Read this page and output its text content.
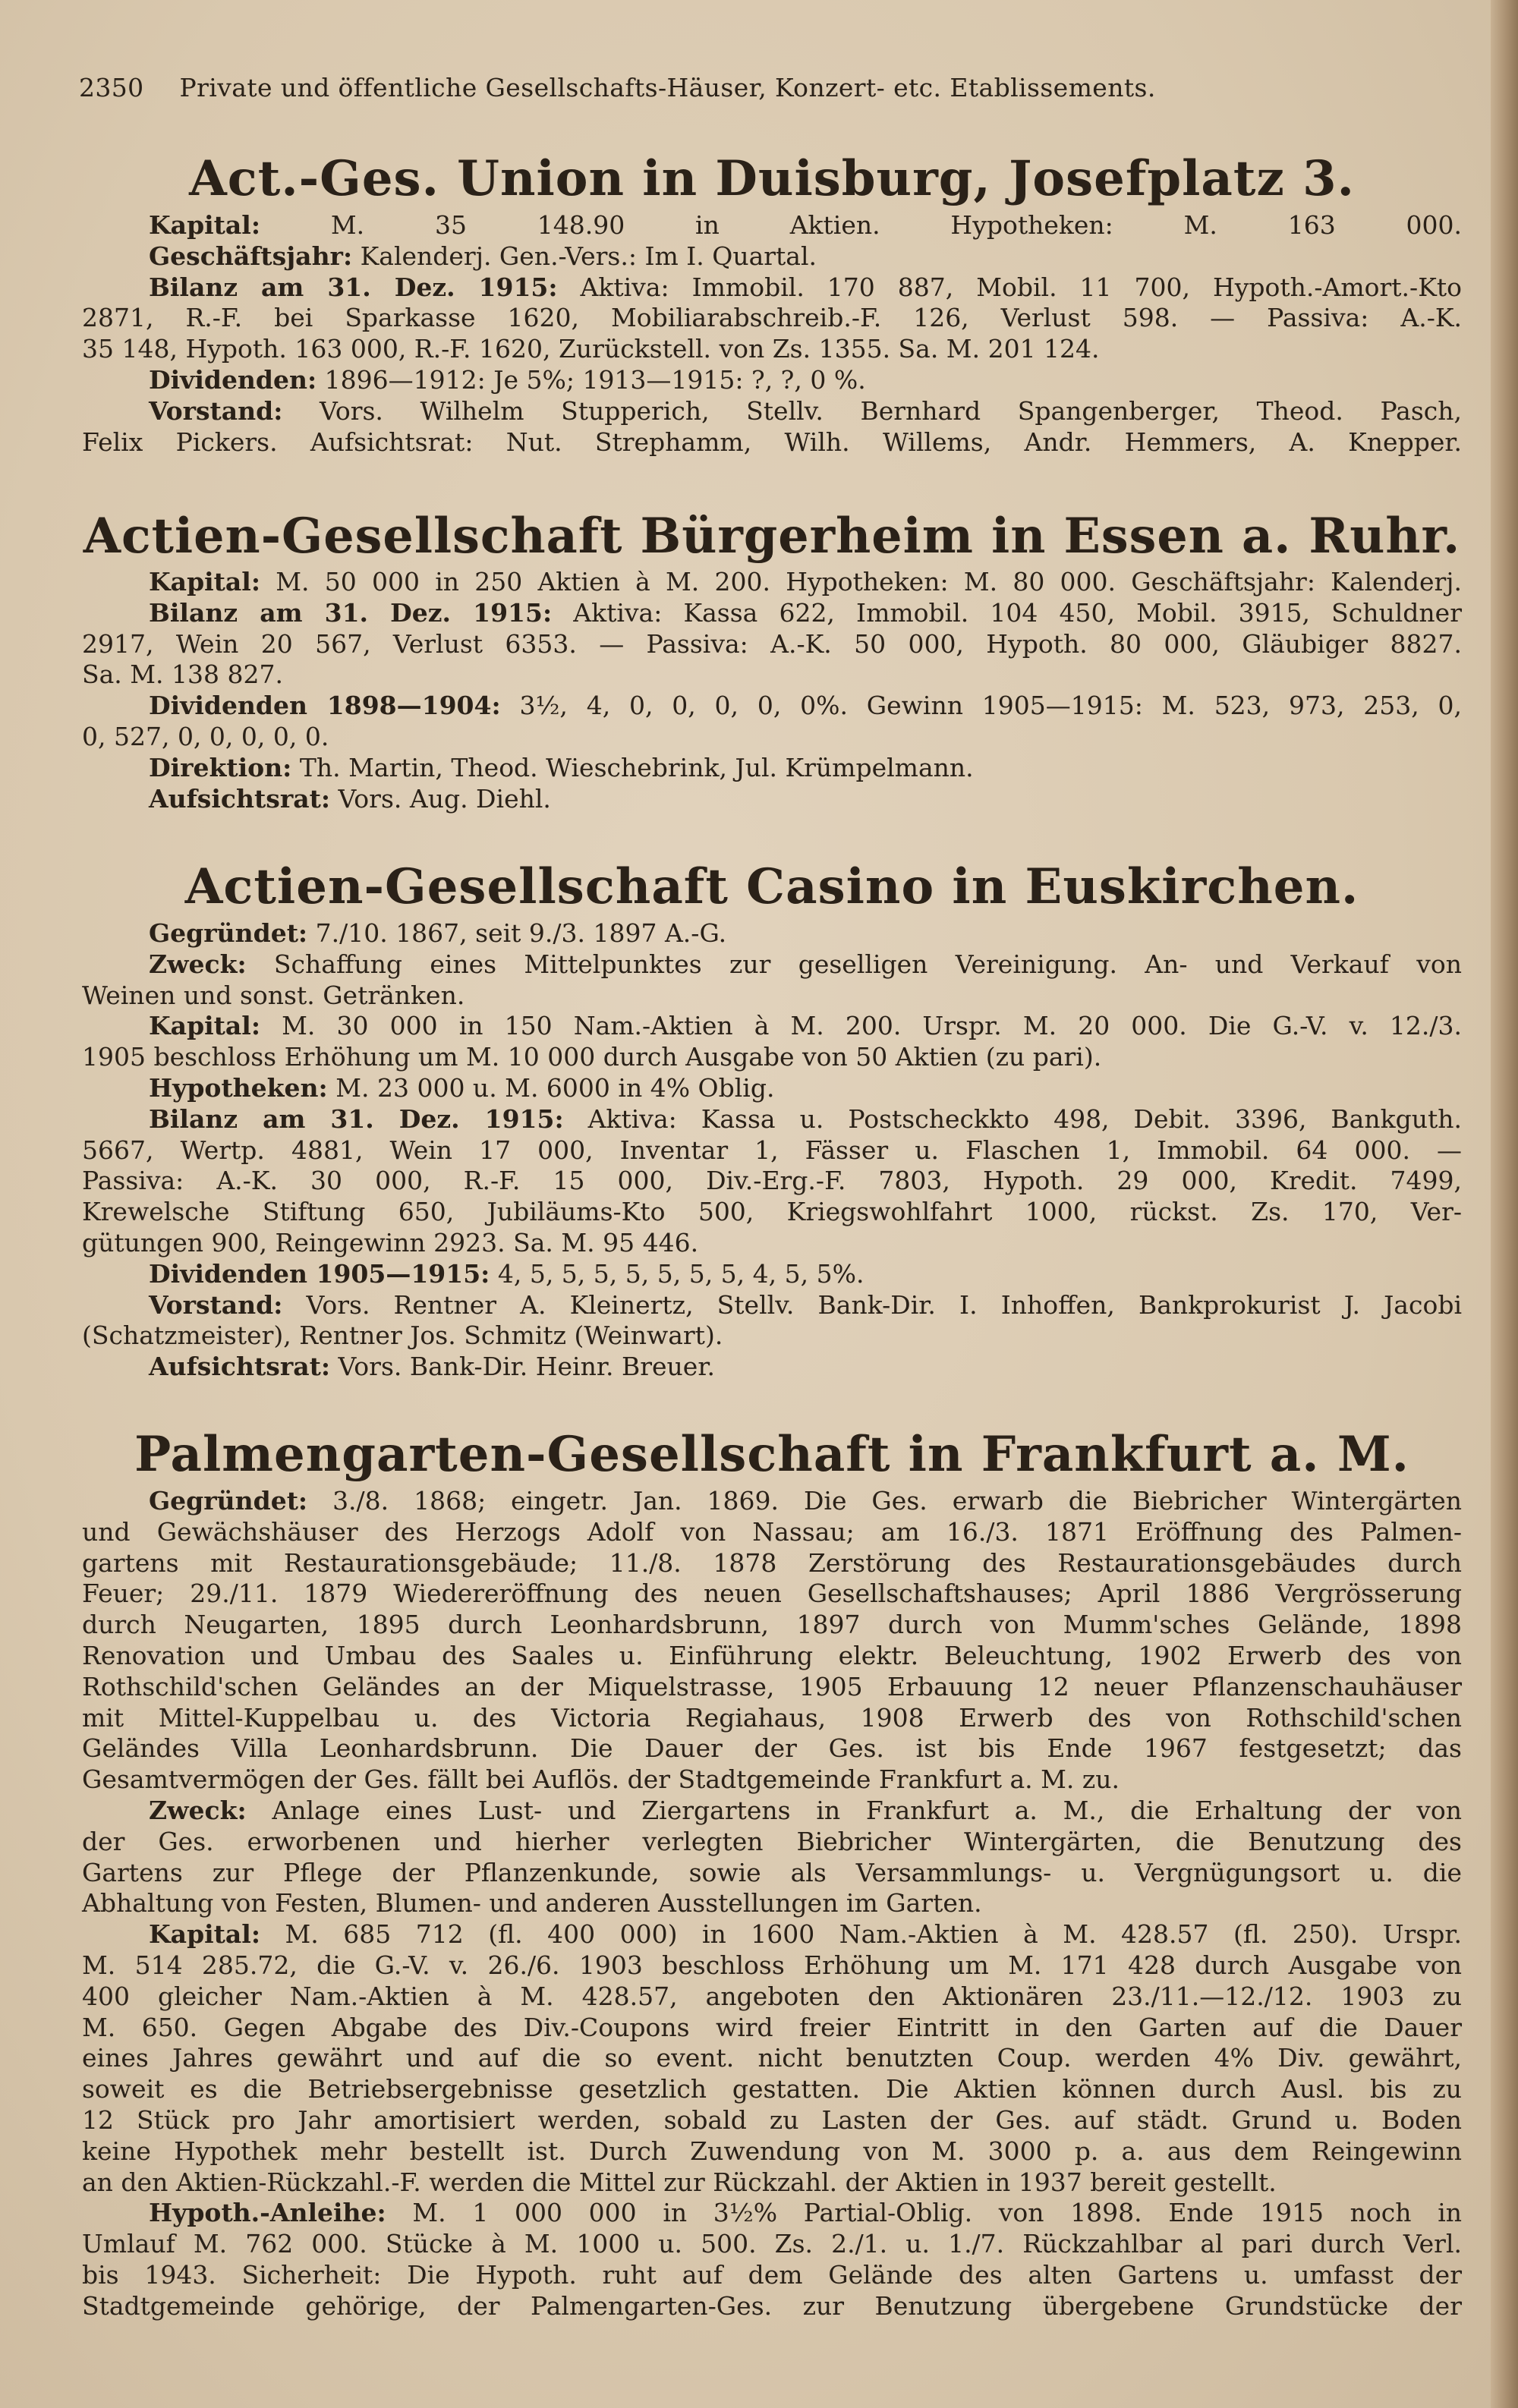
2350 Private und öffentliche Gesellschafts-Häuser, Konzert- etc. Etablissements.
Act.-Ges. Union in Duisburg, Josefplatz 3.
Kapital: M. 35 148.90 in Aktien. Hypotheken: M. 163 000.
Geschäftsjahr: Kalenderj. Gen.-Vers.: Im I. Quartal.
Bilanz am 31. Dez. 1915: Aktiva: Immobil. 170 887, Mobil. 11 700, Hypoth.-Amort.-Kto
2871, R.-F. bei Sparkasse 1620, Mobiliarabschreib.-F. 126, Verlust 598. — Passiva: A.-K.
35 148, Hypoth. 163 000, R.-F. 1620, Zurückstell. von Zs. 1355. Sa. M. 201 124.
Dividenden: 1896—1912: Je 5%; 1913—1915: ?, ?, 0 %.
Vorstand: Vors. Wilhelm Stupperich, Stellv. Bernhard Spangenberger, Theod. Pasch,
Felix Pickers. Aufsichtsrat: Nut. Strephamm, Wilh. Willems, Andr. Hemmers, A. Knepper.
Actien-Gesellschaft Bürgerheim in Essen a. Ruhr.
Kapital: M. 50 000 in 250 Aktien à M. 200. Hypotheken: M. 80 000. Geschäftsjahr: Kalenderj.
Bilanz am 31. Dez. 1915: Aktiva: Kassa 622, Immobil. 104 450, Mobil. 3915, Schuldner
2917, Wein 20 567, Verlust 6353. — Passiva: A.-K. 50 000, Hypoth. 80 000, Gläubiger 8827.
Sa. M. 138 827.
Dividenden 1898—1904: 3½, 4, 0, 0, 0, 0, 0%. Gewinn 1905—1915: M. 523, 973, 253, 0,
0, 527, 0, 0, 0, 0, 0.
Direktion: Th. Martin, Theod. Wieschebrink, Jul. Krümpelmann.
Aufsichtsrat: Vors. Aug. Diehl.
Actien-Gesellschaft Casino in Euskirchen.
Gegründet: 7./10. 1867, seit 9./3. 1897 A.-G.
Zweck: Schaffung eines Mittelpunktes zur geselligen Vereinigung. An- und Verkauf von
Weinen und sonst. Getränken.
Kapital: M. 30 000 in 150 Nam.-Aktien à M. 200. Urspr. M. 20 000. Die G.-V. v. 12./3.
1905 beschloss Erhöhung um M. 10 000 durch Ausgabe von 50 Aktien (zu pari).
Hypotheken: M. 23 000 u. M. 6000 in 4% Oblig.
Bilanz am 31. Dez. 1915: Aktiva: Kassa u. Postscheckkto 498, Debit. 3396, Bankguth.
5667, Wertp. 4881, Wein 17 000, Inventar 1, Fässer u. Flaschen 1, Immobil. 64 000. —
Passiva: A.-K. 30 000, R.-F. 15 000, Div.-Erg.-F. 7803, Hypoth. 29 000, Kredit. 7499,
Krewelsche Stiftung 650, Jubiläums-Kto 500, Kriegswohlfahrt 1000, rückst. Zs. 170, Ver-
gütungen 900, Reingewinn 2923. Sa. M. 95 446.
Dividenden 1905—1915: 4, 5, 5, 5, 5, 5, 5, 5, 4, 5, 5%.
Vorstand: Vors. Rentner A. Kleinertz, Stellv. Bank-Dir. I. Inhoffen, Bankprokurist J. Jacobi
(Schatzmeister), Rentner Jos. Schmitz (Weinwart).
Aufsichtsrat: Vors. Bank-Dir. Heinr. Breuer.
Palmengarten-Gesellschaft in Frankfurt a. M.
Gegründet: 3./8. 1868; eingetr. Jan. 1869. Die Ges. erwarb die Biebricher Wintergärten
und Gewächshäuser des Herzogs Adolf von Nassau; am 16./3. 1871 Eröffnung des Palmen-
gartens mit Restaurationsgebäude; 11./8. 1878 Zerstörung des Restaurationsgebäudes durch
Feuer; 29./11. 1879 Wiedereröffnung des neuen Gesellschaftshauses; April 1886 Vergrösserung
durch Neugarten, 1895 durch Leonhardsbrunn, 1897 durch von Mumm'sches Gelände, 1898
Renovation und Umbau des Saales u. Einführung elektr. Beleuchtung, 1902 Erwerb des von
Rothschild'schen Geländes an der Miquelstrasse, 1905 Erbauung 12 neuer Pflanzenschauhäuser
mit Mittel-Kuppelbau u. des Victoria Regiahaus, 1908 Erwerb des von Rothschild'schen
Geländes Villa Leonhardsbrunn. Die Dauer der Ges. ist bis Ende 1967 festgesetzt; das
Gesamtvermögen der Ges. fällt bei Auflös. der Stadtgemeinde Frankfurt a. M. zu.
Zweck: Anlage eines Lust- und Ziergartens in Frankfurt a. M., die Erhaltung der von
der Ges. erworbenen und hierher verlegten Biebricher Wintergärten, die Benutzung des
Gartens zur Pflege der Pflanzenkunde, sowie als Versammlungs- u. Vergnügungsort u. die
Abhaltung von Festen, Blumen- und anderen Ausstellungen im Garten.
Kapital: M. 685 712 (fl. 400 000) in 1600 Nam.-Aktien à M. 428.57 (fl. 250). Urspr.
M. 514 285.72, die G.-V. v. 26./6. 1903 beschloss Erhöhung um M. 171 428 durch Ausgabe von
400 gleicher Nam.-Aktien à M. 428.57, angeboten den Aktionären 23./11.—12./12. 1903 zu
M. 650. Gegen Abgabe des Div.-Coupons wird freier Eintritt in den Garten auf die Dauer
eines Jahres gewährt und auf die so event. nicht benutzten Coup. werden 4% Div. gewährt,
soweit es die Betriebsergebnisse gesetzlich gestatten. Die Aktien können durch Ausl. bis zu
12 Stück pro Jahr amortisiert werden, sobald zu Lasten der Ges. auf städt. Grund u. Boden
keine Hypothek mehr bestellt ist. Durch Zuwendung von M. 3000 p. a. aus dem Reingewinn
an den Aktien-Rückzahl.-F. werden die Mittel zur Rückzahl. der Aktien in 1937 bereit gestellt.
Hypoth.-Anleihe: M. 1 000 000 in 3½% Partial-Oblig. von 1898. Ende 1915 noch in
Umlauf M. 762 000. Stücke à M. 1000 u. 500. Zs. 2./1. u. 1./7. Rückzahlbar al pari durch Verl.
bis 1943. Sicherheit: Die Hypoth. ruht auf dem Gelände des alten Gartens u. umfasst der
Stadtgemeinde gehörige, der Palmengarten-Ges. zur Benutzung übergebene Grundstücke der
